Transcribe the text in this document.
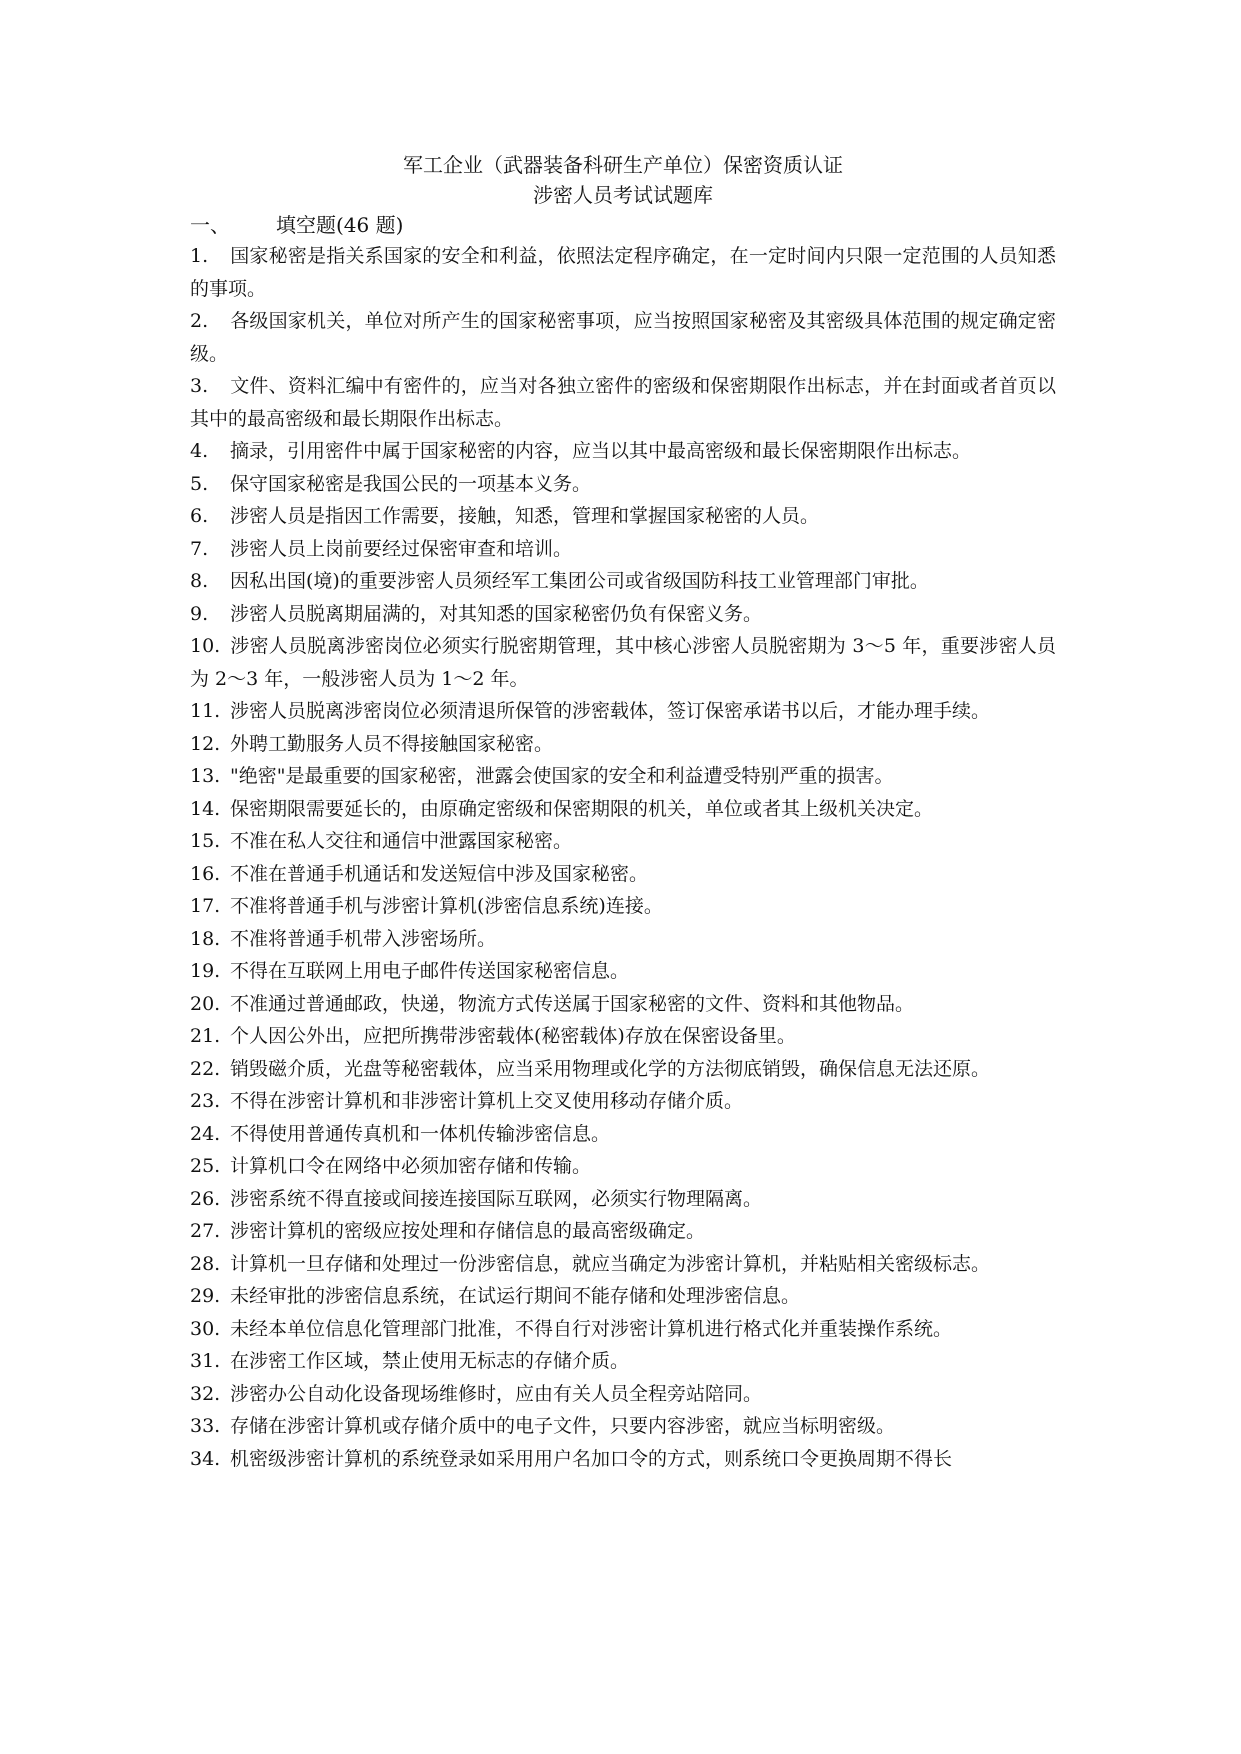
军工企业（武器装备科研生产单位）保密资质认证

涉密人员考试试题库

一、	填空题(46 题)

1. 国家秘密是指关系国家的安全和利益，依照法定程序确定，在一定时间内只限一定范围的人员知悉的事项。
2. 各级国家机关，单位对所产生的国家秘密事项，应当按照国家秘密及其密级具体范围的规定确定密级。
3. 文件、资料汇编中有密件的，应当对各独立密件的密级和保密期限作出标志，并在封面或者首页以其中的最高密级和最长期限作出标志。
4. 摘录，引用密件中属于国家秘密的内容，应当以其中最高密级和最长保密期限作出标志。
5. 保守国家秘密是我国公民的一项基本义务。
6. 涉密人员是指因工作需要，接触，知悉，管理和掌握国家秘密的人员。
7. 涉密人员上岗前要经过保密审查和培训。
8. 因私出国(境)的重要涉密人员须经军工集团公司或省级国防科技工业管理部门审批。
9. 涉密人员脱离期届满的，对其知悉的国家秘密仍负有保密义务。
10. 涉密人员脱离涉密岗位必须实行脱密期管理，其中核心涉密人员脱密期为 3～5 年，重要涉密人员为 2～3 年，一般涉密人员为 1～2 年。
11. 涉密人员脱离涉密岗位必须清退所保管的涉密载体，签订保密承诺书以后，才能办理手续。
12. 外聘工勤服务人员不得接触国家秘密。
13. "绝密"是最重要的国家秘密，泄露会使国家的安全和利益遭受特别严重的损害。
14. 保密期限需要延长的，由原确定密级和保密期限的机关，单位或者其上级机关决定。
15. 不准在私人交往和通信中泄露国家秘密。
16. 不准在普通手机通话和发送短信中涉及国家秘密。
17. 不准将普通手机与涉密计算机(涉密信息系统)连接。
18. 不准将普通手机带入涉密场所。
19. 不得在互联网上用电子邮件传送国家秘密信息。
20. 不准通过普通邮政，快递，物流方式传送属于国家秘密的文件、资料和其他物品。
21. 个人因公外出，应把所携带涉密载体(秘密载体)存放在保密设备里。
22. 销毁磁介质，光盘等秘密载体，应当采用物理或化学的方法彻底销毁，确保信息无法还原。
23. 不得在涉密计算机和非涉密计算机上交叉使用移动存储介质。
24. 不得使用普通传真机和一体机传输涉密信息。
25. 计算机口令在网络中必须加密存储和传输。
26. 涉密系统不得直接或间接连接国际互联网，必须实行物理隔离。
27. 涉密计算机的密级应按处理和存储信息的最高密级确定。
28. 计算机一旦存储和处理过一份涉密信息，就应当确定为涉密计算机，并粘贴相关密级标志。
29. 未经审批的涉密信息系统，在试运行期间不能存储和处理涉密信息。
30. 未经本单位信息化管理部门批准，不得自行对涉密计算机进行格式化并重装操作系统。
31. 在涉密工作区域，禁止使用无标志的存储介质。
32. 涉密办公自动化设备现场维修时，应由有关人员全程旁站陪同。
33. 存储在涉密计算机或存储介质中的电子文件，只要内容涉密，就应当标明密级。
34. 机密级涉密计算机的系统登录如采用用户名加口令的方式，则系统口令更换周期不得长
